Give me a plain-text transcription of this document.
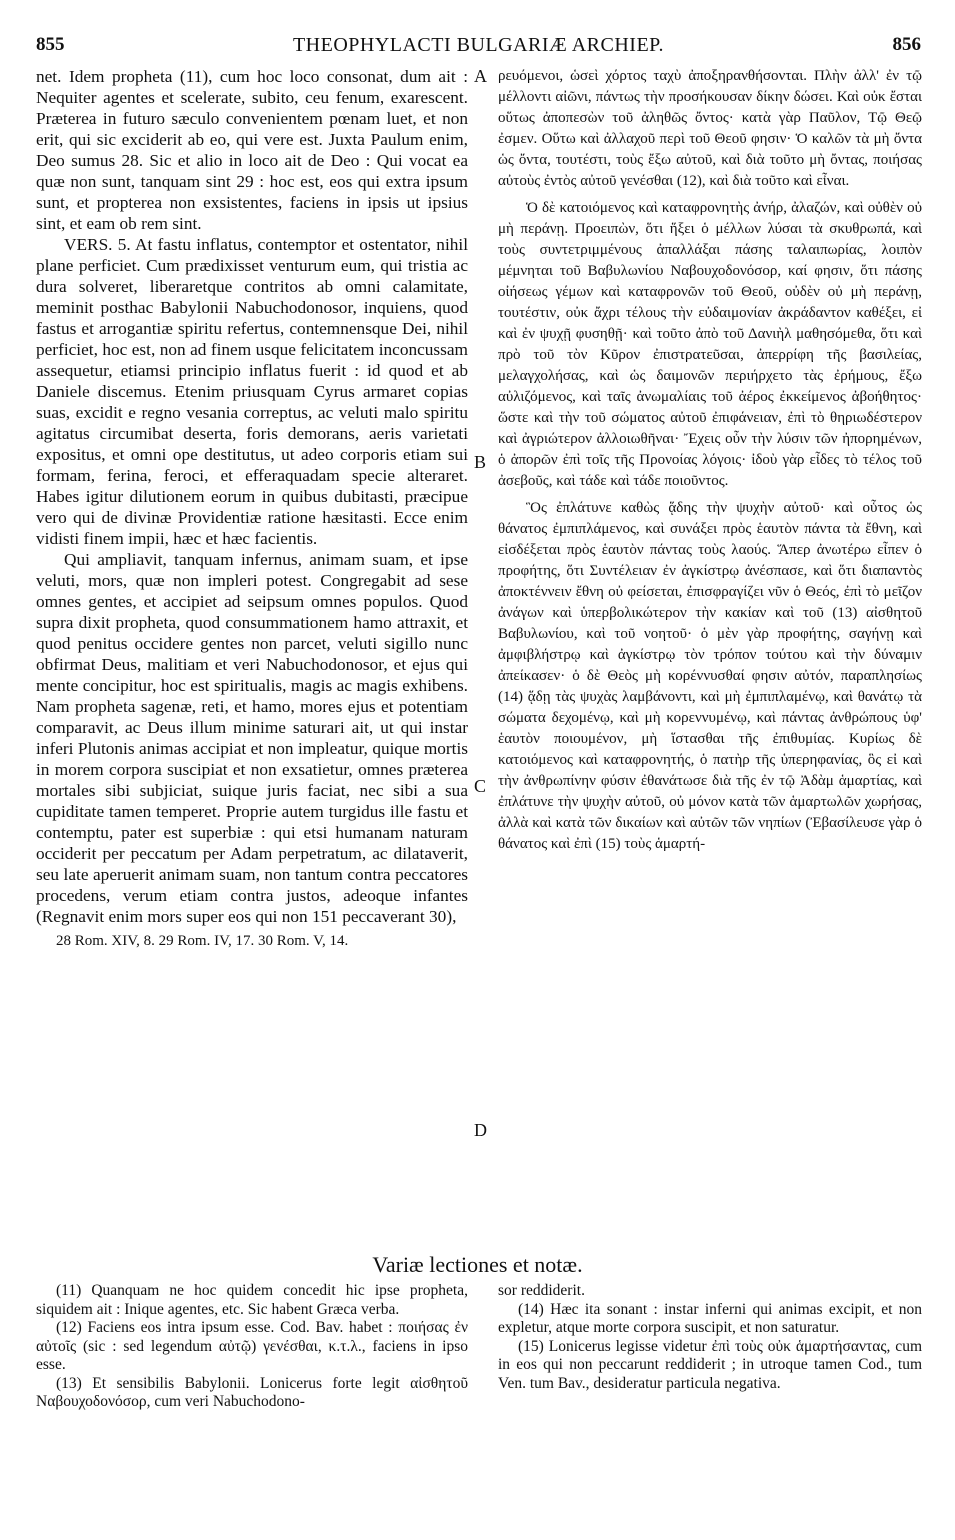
855	THEOPHYLACTI BULGARIÆ ARCHIEP.	856

net. Idem propheta (11), cum hoc loco consonat, dum ait : Nequiter agentes et scelerate, subito, ceu fenum, exarescent. Præterea in futuro sæculo convenientem pœnam luet, et non erit, qui sic exciderit ab eo, qui vere est. Juxta Paulum enim, Deo sumus 28. Sic et alio in loco ait de Deo : Qui vocat ea quæ non sunt, tanquam sint 29 : hoc est, eos qui extra ipsum sunt, et propterea non exsistentes, faciens in ipsis ut ipsius sint, et eam ob rem sint.

VERS. 5. At fastu inflatus, contemptor et ostentator, nihil plane perficiet. Cum prædixisset venturum eum, qui tristia ac dura solveret, liberaretque contritos ab omni calamitate, meminit posthac Babylonii Nabuchodonosor, inquiens, quod fastus et arrogantiæ spiritu refertus, contemnensque Dei, nihil perficiet, hoc est, non ad finem usque felicitatem inconcussam assequetur, etiamsi principio inflatus fuerit : id quod et ab Daniele discemus. Etenim priusquam Cyrus armaret copias suas, excidit e regno vesania correptus, ac veluti malo spiritu agitatus circumibat deserta, foris demorans, aeris varietati expositus, et omni ope destitutus, ut adeo corporis etiam sui formam, ferina, feroci, et efferaquadam specie alteraret. Habes igitur dilutionem eorum in quibus dubitasti, præcipue vero qui de divinæ Providentiæ ratione hæsitasti. Ecce enim vidisti finem impii, hæc et hæc facientis.

Qui ampliavit, tanquam infernus, animam suam, et ipse veluti, mors, quæ non impleri potest. Congregabit ad sese omnes gentes, et accipiet ad seipsum omnes populos. Quod supra dixit propheta, quod consummationem hamo attraxit, et quod penitus occidere gentes non parcet, veluti sigillo nunc obfirmat Deus, malitiam et veri Nabuchodonosor, et ejus qui mente concipitur, hoc est spiritualis, magis ac magis exhibens. Nam propheta sagenæ, reti, et hamo, mores ejus et potentiam comparavit, ac Deus illum minime saturari ait, ut qui instar inferi Plutonis animas accipiat et non impleatur, quique mortis in morem corpora suscipiat et non exsatietur, omnes præterea mortales sibi subjiciat, suique juris faciat, nec sibi a sua cupiditate tamen temperet. Proprie autem turgidus ille fastu et contemptu, pater est superbiæ : qui etsi humanam naturam occiderit per peccatum per Adam perpetratum, ac dilataverit, seu late aperuerit animam suam, non tantum contra peccatores procedens, verum etiam contra justos, adeoque infantes (Regnavit enim mors super eos qui non 151 peccaverant 30),

28 Rom. XIV, 8. 29 Rom. IV, 17. 30 Rom. V, 14.

A
B
C
D

ρευόμενοι, ὡσεὶ χόρτος ταχὺ ἀποξηρανθήσονται. Πλὴν ἀλλ' ἐν τῷ μέλλοντι αἰῶνι, πάντως τὴν προσήκουσαν δίκην δώσει. Καὶ οὐκ ἔσται οὕτως ἀποπεσὼν τοῦ ἀληθῶς ὄντος· κατὰ γὰρ Παῦλον, Τῷ Θεῷ ἐσμεν. Οὕτω καὶ ἀλλαχοῦ περὶ τοῦ Θεοῦ φησιν· Ὁ καλῶν τὰ μὴ ὄντα ὡς ὄντα, τουτέστι, τοὺς ἔξω αὐτοῦ, καὶ διὰ τοῦτο μὴ ὄντας, ποιήσας αὐτοὺς ἐντὸς αὐτοῦ γενέσθαι (12), καὶ διὰ τοῦτο καὶ εἶναι.

Ὁ δὲ κατοιόμενος καὶ καταφρονητὴς ἀνήρ, ἀλαζών, καὶ οὐθὲν οὐ μὴ περάνῃ. Προειπὼν, ὅτι ἥξει ὁ μέλλων λύσαι τὰ σκυθρωπά, καὶ τοὺς συντετριμμένους ἀπαλλάξαι πάσης ταλαιπωρίας, λοιπὸν μέμνηται τοῦ Βαβυλωνίου Ναβουχοδονόσορ, καί φησιν, ὅτι πάσης οἰήσεως γέμων καὶ καταφρονῶν τοῦ Θεοῦ, οὐδὲν οὐ μὴ περάνῃ, τουτέστιν, οὐκ ἄχρι τέλους τὴν εὐδαιμονίαν ἀκράδαντον καθέξει, εἰ καὶ ἐν ψυχῇ φυσηθῇ· καὶ τοῦτο ἀπὸ τοῦ Δανιὴλ μαθησόμεθα, ὅτι καὶ πρὸ τοῦ τὸν Κῦρον ἐπιστρατεῦσαι, ἀπερρίφη τῆς βασιλείας, μελαγχολήσας, καὶ ὡς δαιμονῶν περιήρχετο τὰς ἐρήμους, ἔξω αὐλιζόμενος, καὶ ταῖς ἀνωμαλίαις τοῦ ἀέρος ἐκκείμενος ἀβοήθητος· ὥστε καὶ τὴν τοῦ σώματος αὐτοῦ ἐπιφάνειαν, ἐπὶ τὸ θηριωδέστερον καὶ ἀγριώτερον ἀλλοιωθῆναι· Ἔχεις οὖν τὴν λύσιν τῶν ἠπορημένων, ὁ ἀπορῶν ἐπὶ τοῖς τῆς Προνοίας λόγοις· ἰδοὺ γὰρ εἶδες τὸ τέλος τοῦ ἀσεβοῦς, καὶ τάδε καὶ τάδε ποιοῦντος.

Ὃς ἐπλάτυνε καθὼς ᾅδης τὴν ψυχὴν αὐτοῦ· καὶ οὗτος ὡς θάνατος ἐμπιπλάμενος, καὶ συνάξει πρὸς ἑαυτὸν πάντα τὰ ἔθνη, καὶ εἰσδέξεται πρὸς ἑαυτὸν πάντας τοὺς λαούς. Ἅπερ ἀνωτέρω εἶπεν ὁ προφήτης, ὅτι Συντέλειαν ἐν ἀγκίστρῳ ἀνέσπασε, καὶ ὅτι διαπαντὸς ἀποκτέννειν ἔθνη οὐ φείσεται, ἐπισφραγίζει νῦν ὁ Θεός, ἐπὶ τὸ μεῖζον ἀνάγων καὶ ὑπερβολικώτερον τὴν κακίαν καὶ τοῦ (13) αἰσθητοῦ Βαβυλωνίου, καὶ τοῦ νοητοῦ· ὁ μὲν γὰρ προφήτης, σαγήνῃ καὶ ἀμφιβλήστρῳ καὶ ἀγκίστρῳ τὸν τρόπον τούτου καὶ τὴν δύναμιν ἀπείκασεν· ὁ δὲ Θεὸς μὴ κορέννυσθαί φησιν αὐτόν, παραπλησίως (14) ᾅδῃ τὰς ψυχὰς λαμβάνοντι, καὶ μὴ ἐμπιπλαμένῳ, καὶ θανάτῳ τὰ σώματα δεχομένῳ, καὶ μὴ κορεννυμένῳ, καὶ πάντας ἀνθρώπους ὑφ' ἑαυτὸν ποιουμένον, μὴ ἵστασθαι τῆς ἐπιθυμίας. Κυρίως δὲ κατοιόμενος καὶ καταφρονητής, ὁ πατὴρ τῆς ὑπερηφανίας, ὃς εἰ καὶ τὴν ἀνθρωπίνην φύσιν ἐθανάτωσε διὰ τῆς ἐν τῷ Ἀδὰμ ἁμαρτίας, καὶ ἐπλάτυνε τὴν ψυχὴν αὐτοῦ, οὐ μόνον κατὰ τῶν ἁμαρτωλῶν χωρήσας, ἀλλὰ καὶ κατὰ τῶν δικαίων καὶ αὐτῶν τῶν νηπίων (Ἐβασίλευσε γὰρ ὁ θάνατος καὶ ἐπὶ (15) τοὺς ἁμαρτή-

Variæ lectiones et notæ.

(11) Quanquam ne hoc quidem concedit hic ipse propheta, siquidem ait : Inique agentes, etc. Sic habent Græca verba.

(12) Faciens eos intra ipsum esse. Cod. Bav. habet : ποιήσας ἐν αὐτοῖς (sic : sed legendum αὐτῷ) γενέσθαι, κ.τ.λ., faciens in ipso esse.

(13) Et sensibilis Babylonii. Lonicerus forte legit αἰσθητοῦ Ναβουχοδονόσορ, cum veri Nabuchodono-

sor reddiderit.

(14) Hæc ita sonant : instar inferni qui animas excipit, et non expletur, atque morte corpora suscipit, et non saturatur.

(15) Lonicerus legisse videtur ἐπὶ τοὺς οὐκ ἁμαρτήσαντας, cum in eos qui non peccarunt reddiderit ; in utroque tamen Cod., tum Ven. tum Bav., desideratur particula negativa.
